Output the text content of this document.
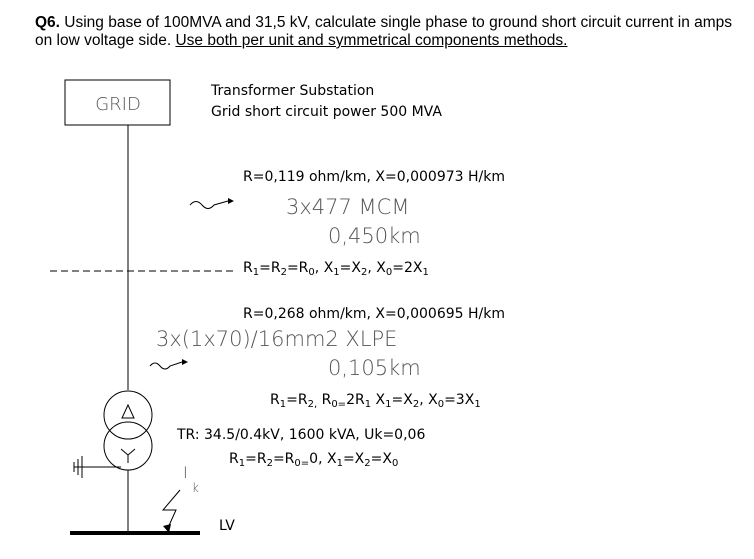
Q6. Using base of 100MVA and 31,5 kV, calculate single phase to ground short circuit current in amps on low voltage side. Use both per unit and symmetrical components methods.
GRID
Transformer Substation
Grid short circuit power 500 MVA
R=0,119 ohm/km, X=0,000973 H/km
3x477 MCM
0,450km
$R_1=R_2=R_0$, $X_1=X_2$, $X_0=2X_1$
R=0,268 ohm/km, X=0,000695 H/km
3x(1x70)/16mm2 XLPE
0,105km
$R_1=R_{2,}$ $R_{0=}2R_1$ $X_1=X_2$, $X_0=3X_1$
TR: 34.5/0.4kV, 1600 kVA, Uk=0,06
$R_1=R_2=R_{0=}0$, $X_1=X_2=X_0$
I
k
LV
